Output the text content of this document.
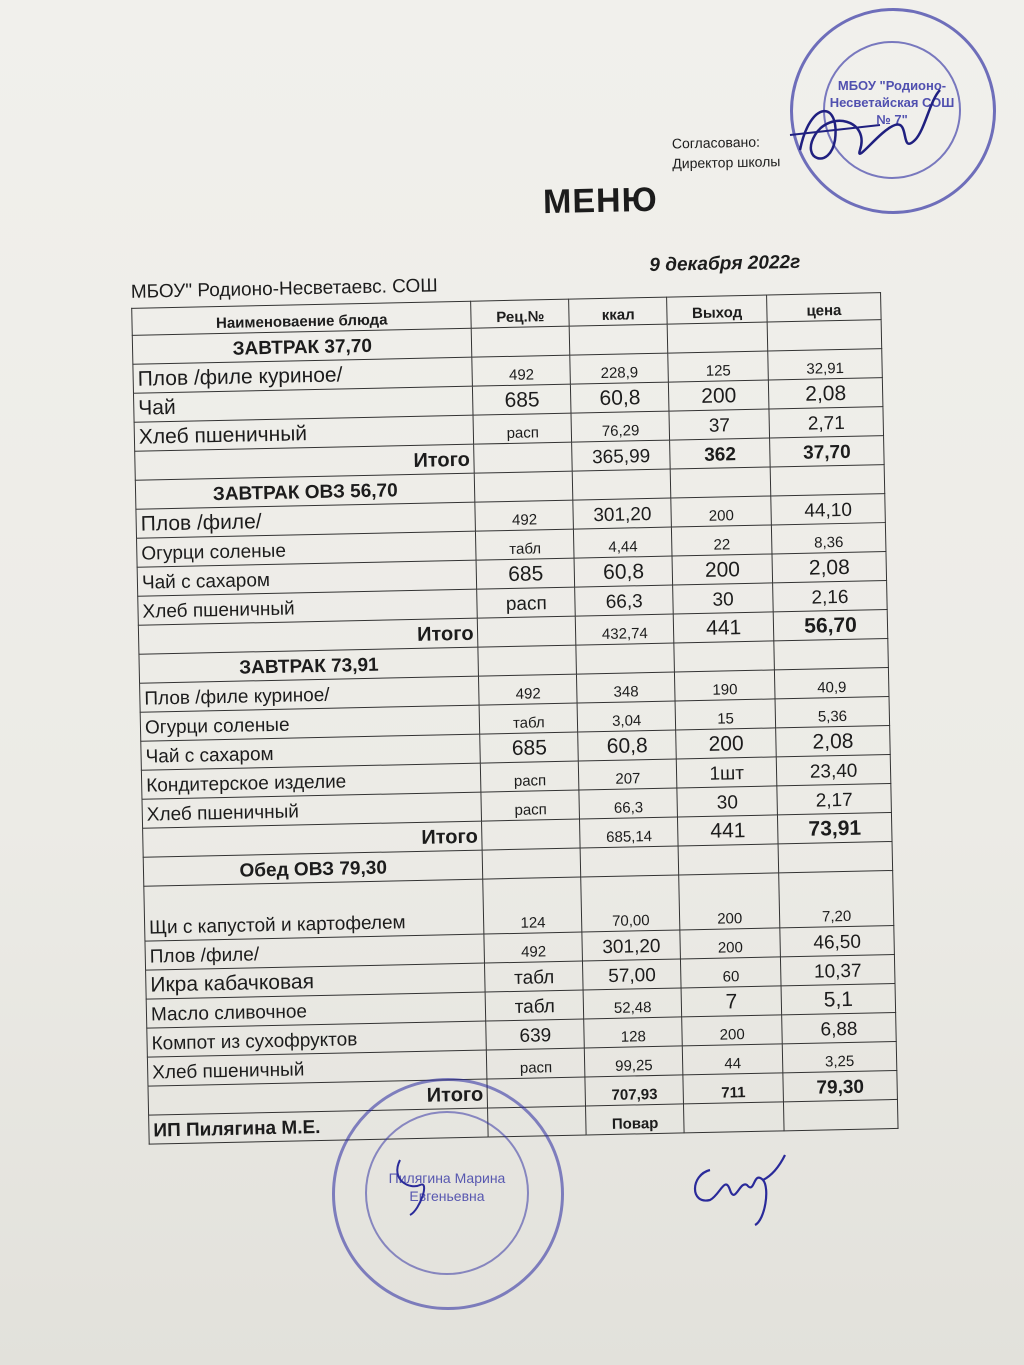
Согласовано:
Директор школы
МЕНЮ
9 декабря 2022г
МБОУ" Родионо-Несветаевс. СОШ
Наименоваение блюда	Рец.№	ккал	Выход	цена
ЗАВТРАК 37,70				
Плов /филе куриное/	492	228,9	125	32,91
Чай	685	60,8	200	2,08
Хлеб пшеничный	расп	76,29	37	2,71
Итого		365,99	362	37,70
ЗАВТРАК ОВЗ 56,70				
Плов /филе/	492	301,20	200	44,10
Огурци соленые	табл	4,44	22	8,36
Чай с сахаром	685	60,8	200	2,08
Хлеб пшеничный	расп	66,3	30	2,16
Итого		432,74	441	56,70
ЗАВТРАК 73,91				
Плов /филе куриное/	492	348	190	40,9
Огурци соленые	табл	3,04	15	5,36
Чай с сахаром	685	60,8	200	2,08
Кондитерское изделие	расп	207	1шт	23,40
Хлеб пшеничный	расп	66,3	30	2,17
Итого		685,14	441	73,91
Обед ОВЗ 79,30				
Щи с капустой и картофелем	124	70,00	200	7,20
Плов /филе/	492	301,20	200	46,50
Икра кабачковая	табл	57,00	60	10,37
Масло сливочное	табл	52,48	7	5,1
Компот из сухофруктов	639	128	200	6,88
Хлеб пшеничный	расп	99,25	44	3,25
Итого		707,93	711	79,30
ИП Пилягина М.Е.		Повар		
МБОУ "Родионо-Несветайская СОШ № 7"
Пилягина Марина Евгеньевна
